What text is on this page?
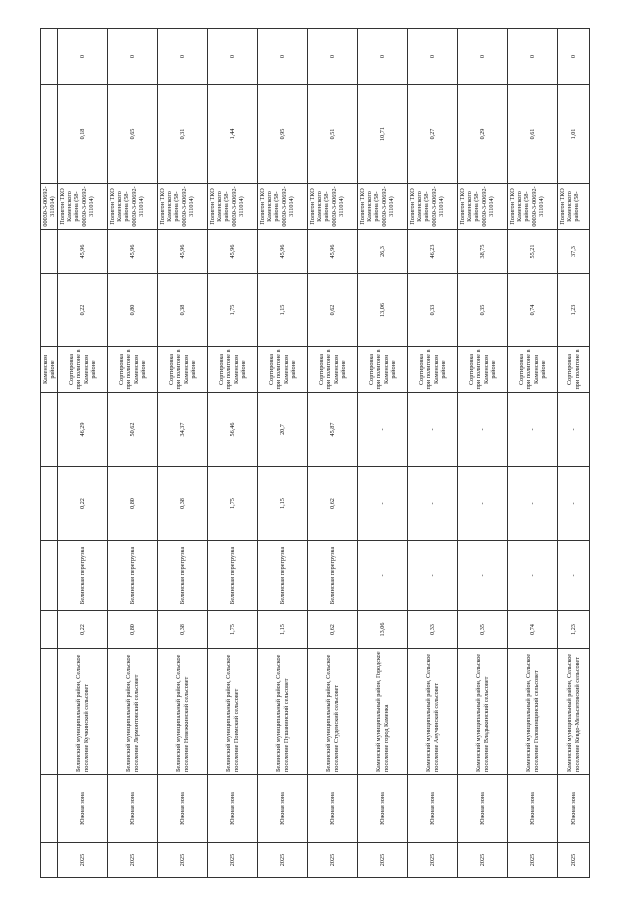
Каменском районе
00030-3-00692-311014)
2025
Южная зона
Белинский муниципальный район, Сельское поселение Кучкинский сельсовет
0,22
Белинская перегрузка
0,22
46,29
Сортировка при полигоне в Каменском районе
0,22
45,96
Полигон ТКО Каменского района (58-00030-3-00692-311014)
0,18
0
2025
Южная зона
Белинский муниципальный район, Сельское поселение Лермонтовский сельсовет
0,80
Белинская перегрузка
0,80
50,62
Сортировка при полигоне в Каменском районе
0,80
45,96
Полигон ТКО Каменского района (58-00030-3-00692-311014)
0,65
0
2025
Южная зона
Белинский муниципальный район, Сельское поселение Невежкинский сельсовет
0,38
Белинская перегрузка
0,38
34,37
Сортировка при полигоне в Каменском районе
0,38
45,96
Полигон ТКО Каменского района (58-00030-3-00692-311014)
0,31
0
2025
Южная зона
Белинский муниципальный район, Сельское поселение Поимский сельсовет
1,75
Белинская перегрузка
1,75
56,46
Сортировка при полигоне в Каменском районе
1,75
45,96
Полигон ТКО Каменского района (58-00030-3-00692-311014)
1,44
0
2025
Южная зона
Белинский муниципальный район, Сельское поселение Пушанинский сельсовет
1,15
Белинская перегрузка
1,15
20,7
Сортировка при полигоне в Каменском районе
1,15
45,96
Полигон ТКО Каменского района (58-00030-3-00692-311014)
0,95
0
2025
Южная зона
Белинский муниципальный район, Сельское поселение Студенский сельсовет
0,62
Белинская перегрузка
0,62
45,87
Сортировка при полигоне в Каменском районе
0,62
45,96
Полигон ТКО Каменского района (58-00030-3-00692-311014)
0,51
0
2025
Южная зона
Каменский муниципальный район, Городское поселение город Каменка
13,06
-
-
-
Сортировка при полигоне в Каменском районе
13,06
26,3
Полигон ТКО Каменского района (58-00030-3-00692-311014)
10,71
0
2025
Южная зона
Каменский муниципальный район, Сельское поселение Анучинский сельсовет
0,33
-
-
-
Сортировка при полигоне в Каменском районе
0,33
46,23
Полигон ТКО Каменского района (58-00030-3-00692-311014)
0,27
0
2025
Южная зона
Каменский муниципальный район, Сельское поселение Владыкинский сельсовет
0,35
-
-
-
Сортировка при полигоне в Каменском районе
0,35
38,75
Полигон ТКО Каменского района (58-00030-3-00692-311014)
0,29
0
2025
Южная зона
Каменский муниципальный район, Сельское поселение Головинщинский сельсовет
0,74
-
-
-
Сортировка при полигоне в Каменском районе
0,74
55,21
Полигон ТКО Каменского района (58-00030-3-00692-311014)
0,61
0
2025
Южная зона
Каменский муниципальный район, Сельское поселение Кевдо-Мельситовский сельсовет
1,23
-
-
-
Сортировка при полигоне в
1,23
37,3
Полигон ТКО Каменского района (58-
1,01
0
